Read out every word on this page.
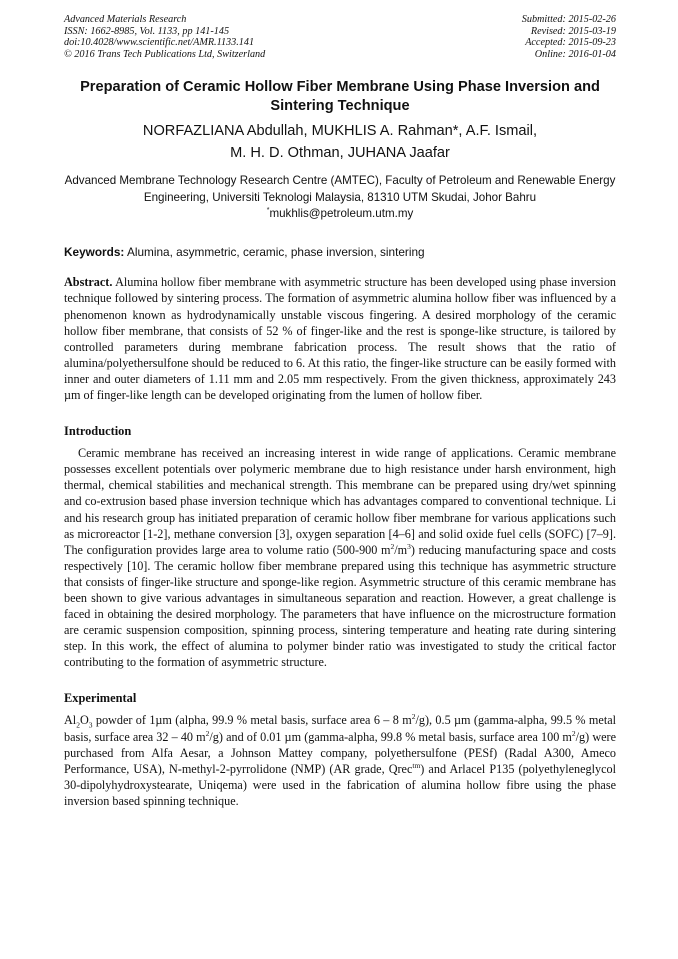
Advanced Materials Research
ISSN: 1662-8985, Vol. 1133, pp 141-145
doi:10.4028/www.scientific.net/AMR.1133.141
© 2016 Trans Tech Publications Ltd, Switzerland
Submitted: 2015-02-26
Revised: 2015-03-19
Accepted: 2015-09-23
Online: 2016-01-04
Preparation of Ceramic Hollow Fiber Membrane Using Phase Inversion and Sintering Technique
NORFAZLIANA Abdullah, MUKHLIS A. Rahman*, A.F. Ismail,
M. H. D. Othman, JUHANA Jaafar
Advanced Membrane Technology Research Centre (AMTEC), Faculty of Petroleum and Renewable Energy Engineering, Universiti Teknologi Malaysia, 81310 UTM Skudai, Johor Bahru
*mukhlis@petroleum.utm.my
Keywords: Alumina, asymmetric, ceramic, phase inversion, sintering

Abstract. Alumina hollow fiber membrane with asymmetric structure has been developed using phase inversion technique followed by sintering process. The formation of asymmetric alumina hollow fiber was influenced by a phenomenon known as hydrodynamically unstable viscous fingering. A desired morphology of the ceramic hollow fiber membrane, that consists of 52 % of finger-like and the rest is sponge-like structure, is tailored by controlled parameters during membrane fabrication process. The result shows that the ratio of alumina/polyethersulfone should be reduced to 6. At this ratio, the finger-like structure can be easily formed with inner and outer diameters of 1.11 mm and 2.05 mm respectively. From the given thickness, approximately 243 µm of finger-like length can be developed originating from the lumen of hollow fiber.

Introduction

Ceramic membrane has received an increasing interest in wide range of applications. Ceramic membrane possesses excellent potentials over polymeric membrane due to high resistance under harsh environment, high thermal, chemical stabilities and mechanical strength. This membrane can be prepared using dry/wet spinning and co-extrusion based phase inversion technique which has advantages compared to conventional technique. Li and his research group has initiated preparation of ceramic hollow fiber membrane for various applications such as microreactor [1-2], methane conversion [3], oxygen separation [4–6] and solid oxide fuel cells (SOFC) [7–9]. The configuration provides large area to volume ratio (500-900 $m^2/m^3$) reducing manufacturing space and costs respectively [10]. The ceramic hollow fiber membrane prepared using this technique has asymmetric structure that consists of finger-like structure and sponge-like region. Asymmetric structure of this ceramic membrane has been shown to give various advantages in simultaneous separation and reaction. However, a great challenge is faced in obtaining the desired morphology. The parameters that have influence on the microstructure formation are ceramic suspension composition, spinning process, sintering temperature and heating rate during sintering step. In this work, the effect of alumina to polymer binder ratio was investigated to study the critical factor contributing to the formation of asymmetric structure.

Experimental

$Al_2O_3$ powder of 1µm (alpha, 99.9 % metal basis, surface area 6 – 8 $m^2/g$), 0.5 µm (gamma-alpha, 99.5 % metal basis, surface area 32 – 40 $m^2/g$) and of 0.01 µm (gamma-alpha, 99.8 % metal basis, surface area 100 $m^2/g$) were purchased from Alfa Aesar, a Johnson Mattey company, polyethersulfone (PESf) (Radal A300, Ameco Performance, USA), N-methyl-2-pyrrolidone (NMP) (AR grade, Qrec$^{tm}$) and Arlacel P135 (polyethyleneglycol 30-dipolyhydroxystearate, Uniqema) were used in the fabrication of alumina hollow fibre using the phase inversion based spinning technique.
